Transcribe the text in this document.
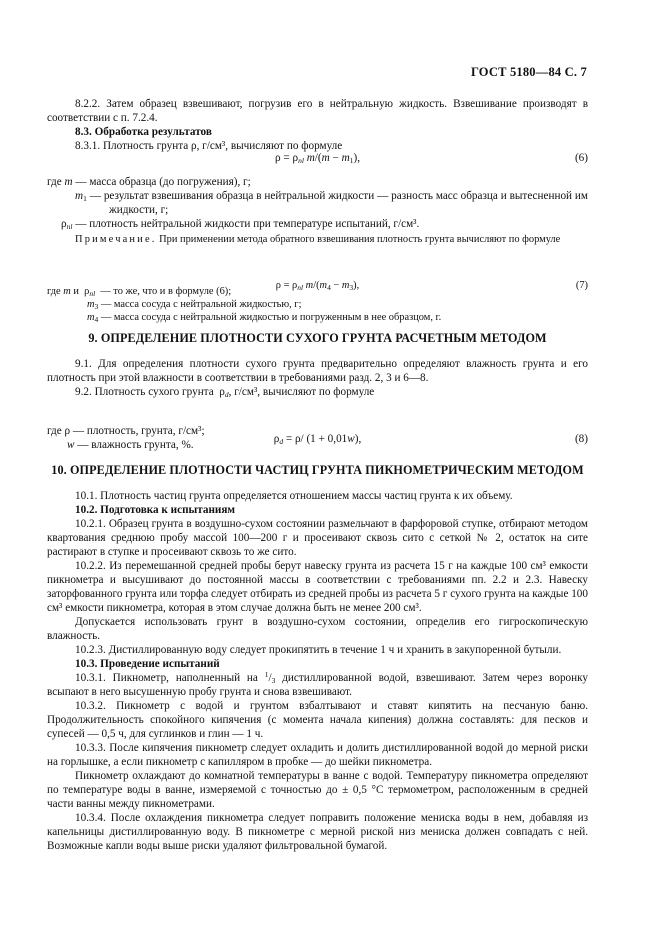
ГОСТ 5180—84 С. 7

8.2.2. Затем образец взвешивают, погрузив его в нейтральную жидкость. Взвешивание производят в соответствии с п. 7.2.4.

8.3. Обработка результатов

8.3.1. Плотность грунта ρ, г/см³, вычисляют по формуле

$\rho = \rho_{nl}$ $m/(m - m_1)$,	(6)

где m — масса образца (до погружения), г;

$m_1$ — результат взвешивания образца в нейтральной жидкости — разность масс образца и вытесненной им жидкости, г;

$\rho_{nl}$ — плотность нейтральной жидкости при температуре испытаний, г/см³.

Примечание. При применении метода обратного взвешивания плотность грунта вычисляют по формуле

$\rho = \rho_{nl}$ $m/(m_4 - m_3)$,	(7)

где m и  $\rho_{nl}$  — то же, что и в формуле (6);

$m_3$ — масса сосуда с нейтральной жидкостью, г;

$m_4$ — масса сосуда с нейтральной жидкостью и погруженным в нее образцом, г.

9. ОПРЕДЕЛЕНИЕ ПЛОТНОСТИ СУХОГО ГРУНТА РАСЧЕТНЫМ МЕТОДОМ

9.1. Для определения плотности сухого грунта предварительно определяют влажность грунта и его плотность при этой влажности в соответствии в требованиями разд. 2, 3 и 6—8.

9.2. Плотность сухого грунта  $\rho_d$, г/см³, вычисляют по формуле

$\rho_d = \rho/$ (1 + 0,01w),	(8)

где ρ — плотность, грунта, г/см³;

w — влажность грунта, %.

10. ОПРЕДЕЛЕНИЕ ПЛОТНОСТИ ЧАСТИЦ ГРУНТА ПИКНОМЕТРИЧЕСКИМ МЕТОДОМ

10.1. Плотность частиц грунта определяется отношением массы частиц грунта к их объему.

10.2. Подготовка к испытаниям

10.2.1. Образец грунта в воздушно-сухом состоянии размельчают в фарфоровой ступке, отбирают методом квартования среднюю пробу массой 100—200 г и просеивают сквозь сито с сеткой № 2, остаток на сите растирают в ступке и просеивают сквозь то же сито.

10.2.2. Из перемешанной средней пробы берут навеску грунта из расчета 15 г на каждые 100 см³ емкости пикнометра и высушивают до постоянной массы в соответствии с требованиями пп. 2.2 и 2.3. Навеску заторфованного грунта или торфа следует отбирать из средней пробы из расчета 5 г сухого грунта на каждые 100 см³ емкости пикнометра, которая в этом случае должна быть не менее 200 см³.

Допускается использовать грунт в воздушно-сухом состоянии, определив его гигроскопическую влажность.

10.2.3. Дистиллированную воду следует прокипятить в течение 1 ч и хранить в закупоренной бутыли.

10.3. Проведение испытаний

10.3.1. Пикнометр, наполненный на $^1/_3$ дистиллированной водой, взвешивают. Затем через воронку всыпают в него высушенную пробу грунта и снова взвешивают.

10.3.2. Пикнометр с водой и грунтом взбалтывают и ставят кипятить на песчаную баню. Продолжительность спокойного кипячения (с момента начала кипения) должна составлять: для песков и супесей — 0,5 ч, для суглинков и глин — 1 ч.

10.3.3. После кипячения пикнометр следует охладить и долить дистиллированной водой до мерной риски на горлышке, а если пикнометр с капилляром в пробке — до шейки пикнометра.

Пикнометр охлаждают до комнатной температуры в ванне с водой. Температуру пикнометра определяют по температуре воды в ванне, измеряемой с точностью до ± 0,5 °С термометром, расположенным в средней части ванны между пикнометрами.

10.3.4. После охлаждения пикнометра следует поправить положение мениска воды в нем, добавляя из капельницы дистиллированную воду. В пикнометре с мерной риской низ мениска должен совпадать с ней. Возможные капли воды выше риски удаляют фильтровальной бумагой.
